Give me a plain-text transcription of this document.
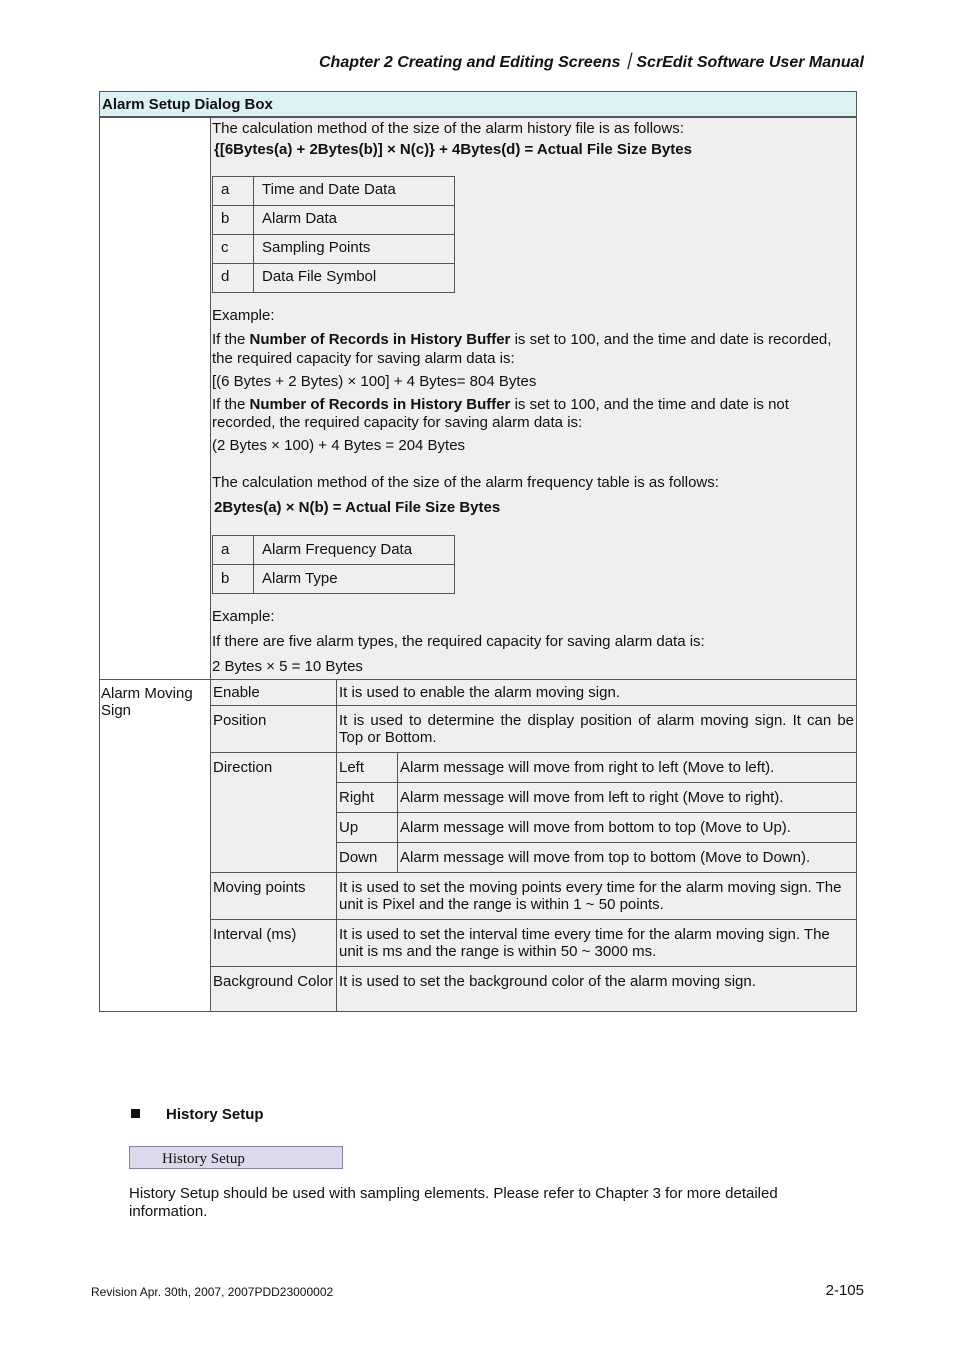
Chapter 2 Creating and Editing Screens｜ScrEdit Software User Manual
Alarm Setup Dialog Box

The calculation method of the size of the alarm history file is as follows:

{[6Bytes(a) + 2Bytes(b)] × N(c)} + 4Bytes(d) = Actual File Size Bytes

a	Time and Date Data
b	Alarm Data
c	Sampling Points
d	Data File Symbol

Example:

If the Number of Records in History Buffer is set to 100, and the time and date is recorded, the required capacity for saving alarm data is:

[(6 Bytes + 2 Bytes) × 100] + 4 Bytes= 804 Bytes

If the Number of Records in History Buffer is set to 100, and the time and date is not recorded, the required capacity for saving alarm data is:

(2 Bytes × 100) + 4 Bytes = 204 Bytes

The calculation method of the size of the alarm frequency table is as follows:

2Bytes(a) × N(b) = Actual File Size Bytes

a	Alarm Frequency Data
b	Alarm Type

Example:

If there are five alarm types, the required capacity for saving alarm data is:

2 Bytes × 5 = 10 Bytes

Alarm Moving Sign	Enable	It is used to enable the alarm moving sign.
Position	It is used to determine the display position of alarm moving sign. It can be Top or Bottom.
Direction		Left	Alarm message will move from right to left (Move to left).
Right	Alarm message will move from left to right (Move to right).
Up	Alarm message will move from bottom to top (Move to Up).
Down	Alarm message will move from top to bottom (Move to Down).

Moving points	It is used to set the moving points every time for the alarm moving sign. The unit is Pixel and the range is within 1 ~ 50 points.
Interval (ms)	It is used to set the interval time every time for the alarm moving sign. The unit is ms and the range is within 50 ~ 3000 ms.
Background Color	It is used to set the background color of the alarm moving sign.
History Setup
History Setup

History Setup should be used with sampling elements. Please refer to Chapter 3 for more detailed information.

Revision Apr. 30th, 2007, 2007PDD23000002	2-105
